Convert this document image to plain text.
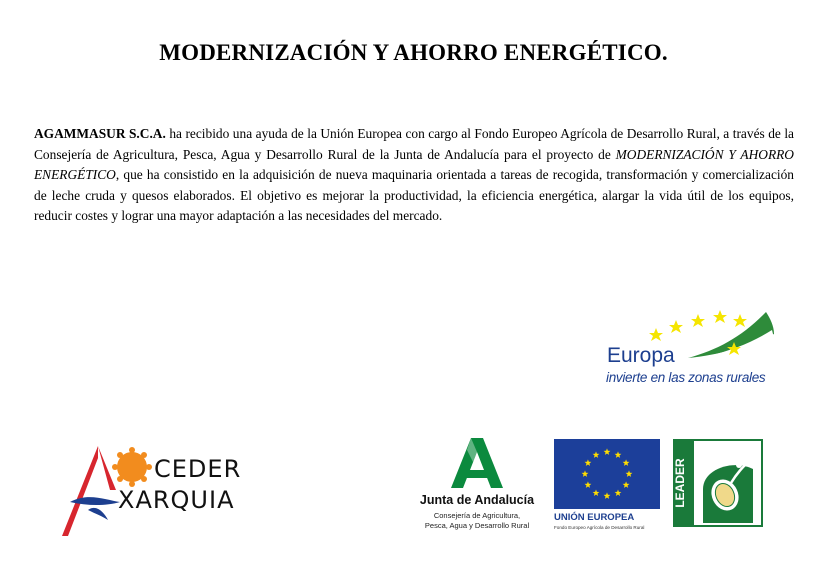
MODERNIZACIÓN Y AHORRO ENERGÉTICO.

AGAMMASUR S.C.A. ha recibido una ayuda de la Unión Europea con cargo al Fondo Europeo Agrícola de Desarrollo Rural, a través de la Consejería de Agricultura, Pesca, Agua y Desarrollo Rural de la Junta de Andalucía para el proyecto de MODERNIZACIÓN Y AHORRO ENERGÉTICO, que ha consistido en la adquisición de nueva maquinaria orientada a tareas de recogida, transformación y comercialización de leche cruda y quesos elaborados. El objetivo es mejorar la productividad, la eficiencia energética, alargar la vida útil de los equipos, reducir costes y lograr una mayor adaptación a las necesidades del mercado.

Europa
invierte en las zonas rurales
CEDER
XARQUIA	Junta de Andalucía
Consejería de Agricultura,
Pesca, Agua y Desarrollo Rural
UNIÓN EUROPEA
Fondo Europeo Agrícola de Desarrollo Rural
LEADER
